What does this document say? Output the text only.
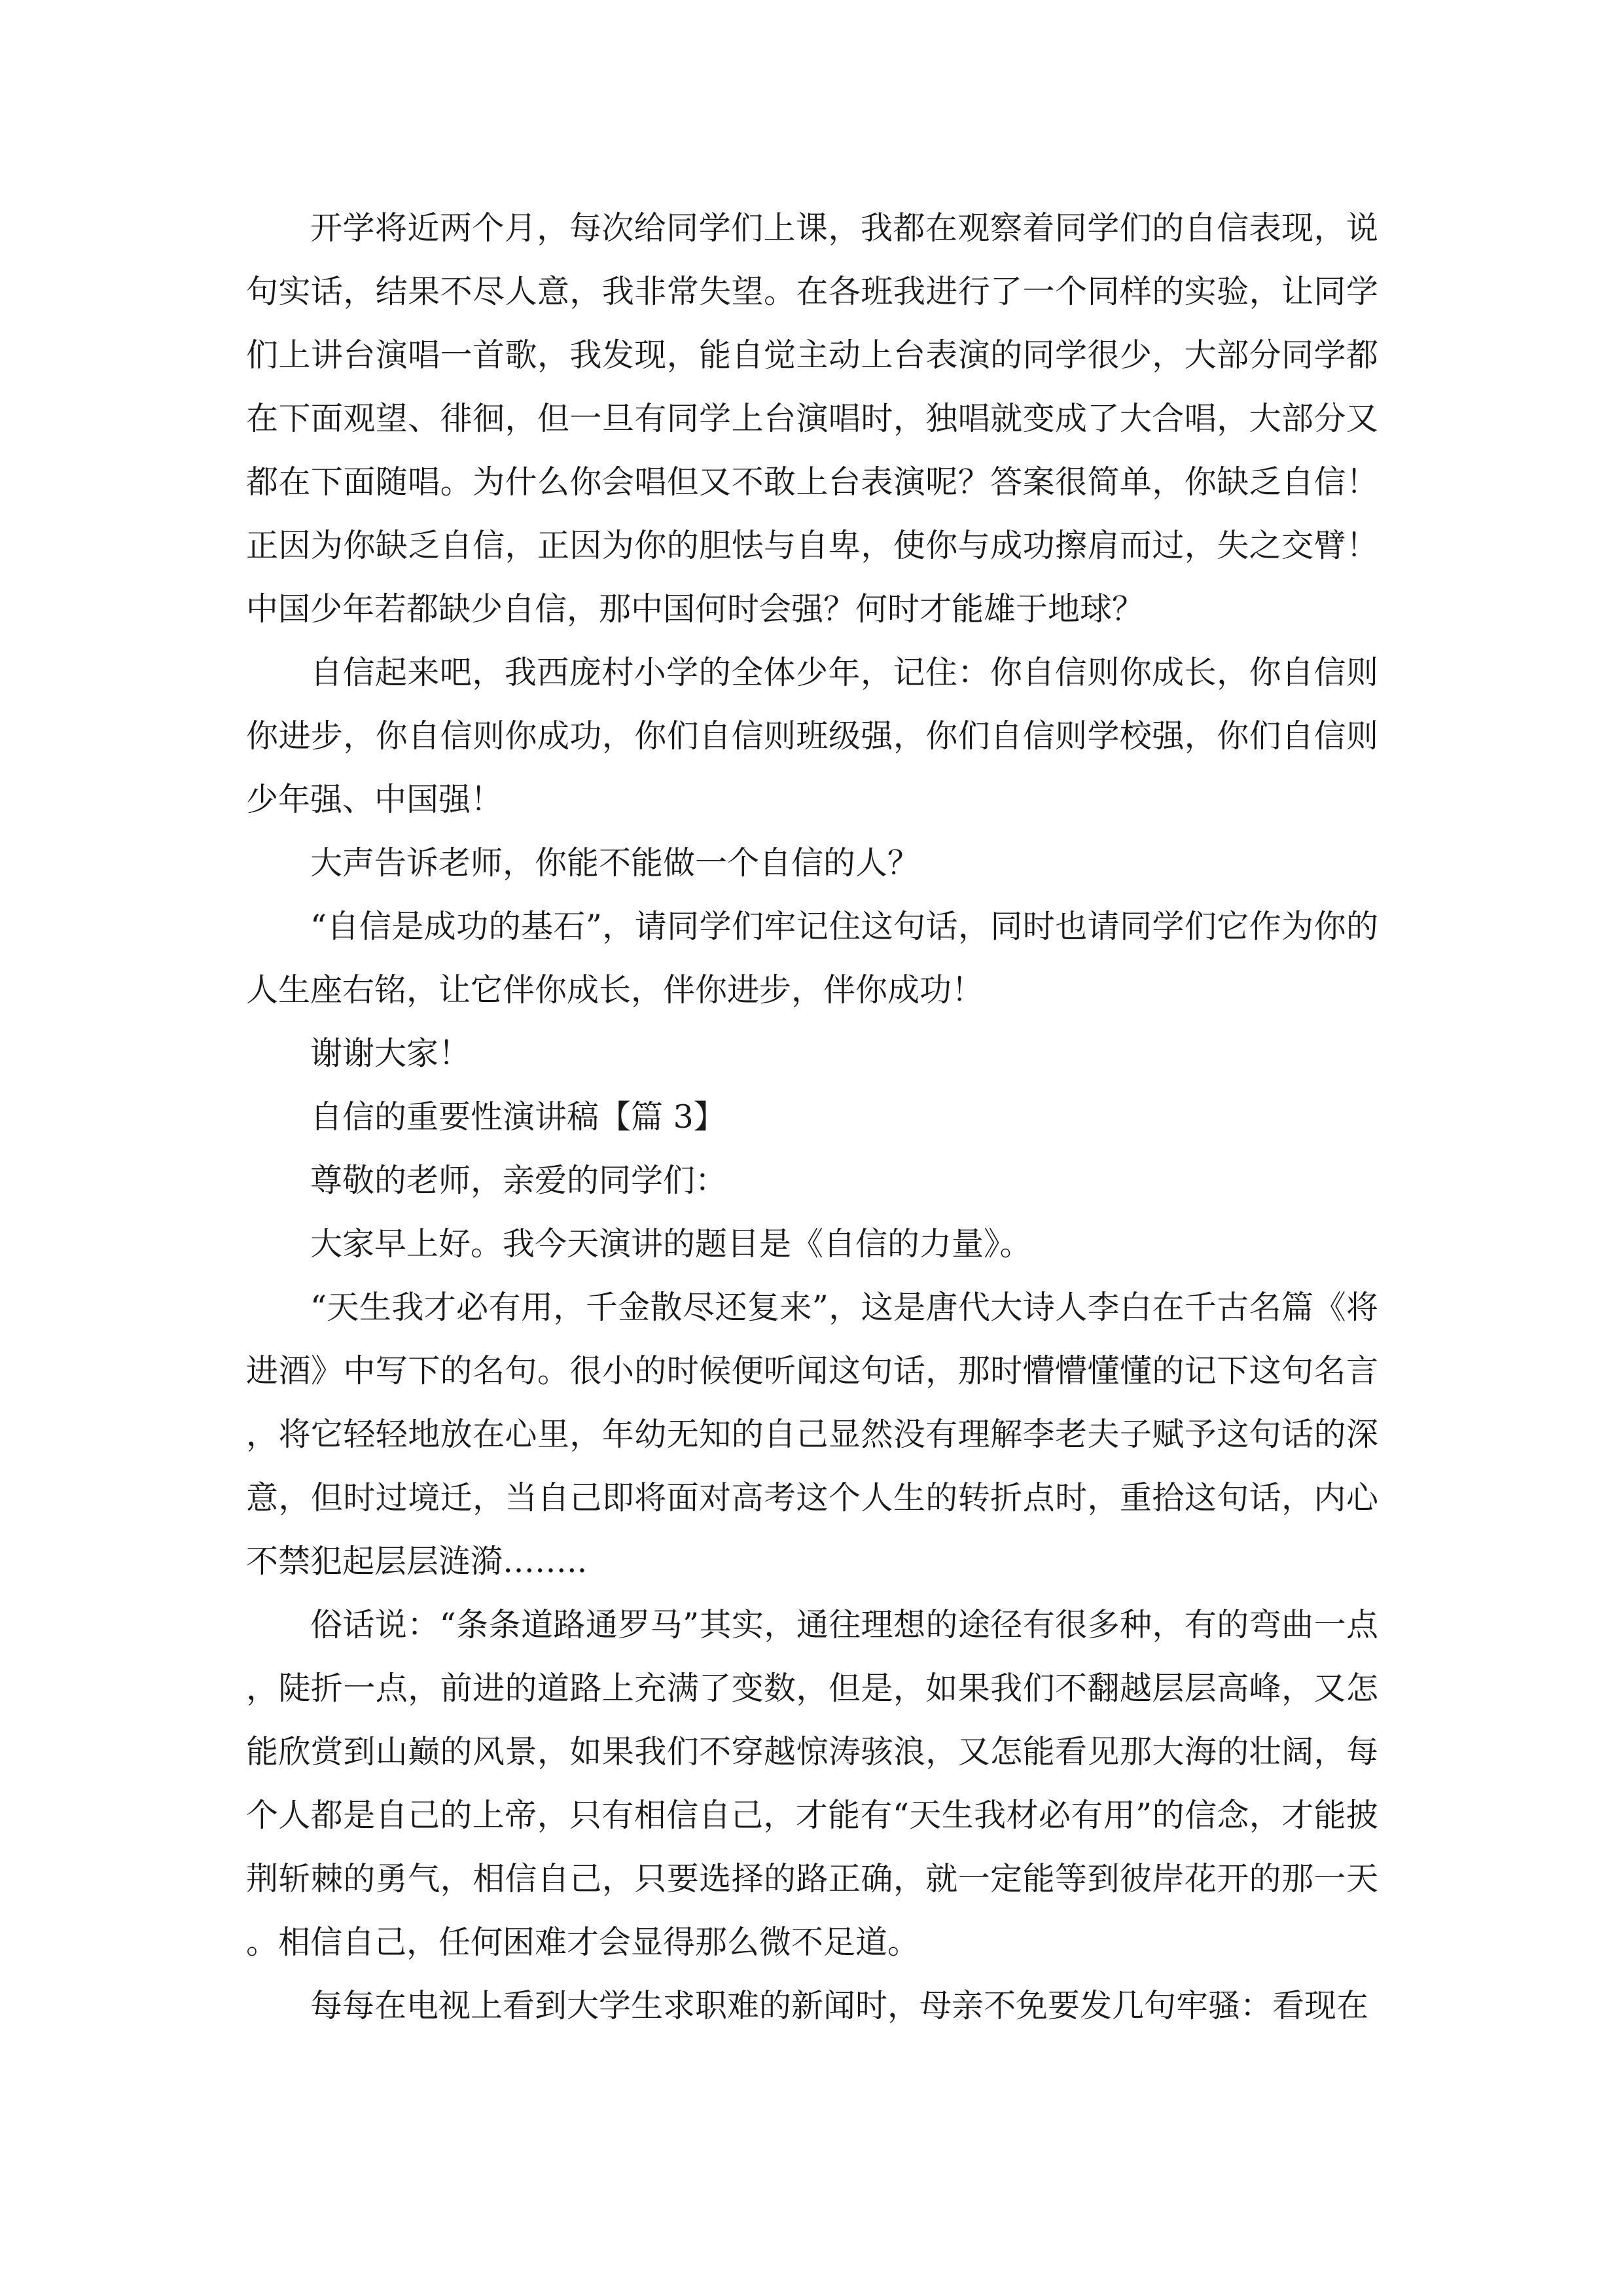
开学将近两个月，每次给同学们上课，我都在观察着同学们的自信表现，说句实话，结果不尽人意，我非常失望。在各班我进行了一个同样的实验，让同学们上讲台演唱一首歌，我发现，能自觉主动上台表演的同学很少，大部分同学都在下面观望、徘徊，但一旦有同学上台演唱时，独唱就变成了大合唱，大部分又都在下面随唱。为什么你会唱但又不敢上台表演呢？答案很简单，你缺乏自信！正因为你缺乏自信，正因为你的胆怯与自卑，使你与成功擦肩而过，失之交臂！中国少年若都缺少自信，那中国何时会强？何时才能雄于地球？

自信起来吧，我西庞村小学的全体少年，记住：你自信则你成长，你自信则你进步，你自信则你成功，你们自信则班级强，你们自信则学校强，你们自信则少年强、中国强！

大声告诉老师，你能不能做一个自信的人？

“自信是成功的基石”，请同学们牢记住这句话，同时也请同学们它作为你的人生座右铭，让它伴你成长，伴你进步，伴你成功！

谢谢大家！

自信的重要性演讲稿【篇 3】

尊敬的老师，亲爱的同学们：

大家早上好。我今天演讲的题目是《自信的力量》。

“天生我才必有用，千金散尽还复来”，这是唐代大诗人李白在千古名篇《将进酒》中写下的名句。很小的时候便听闻这句话，那时懵懵懂懂的记下这句名言，将它轻轻地放在心里，年幼无知的自己显然没有理解李老夫子赋予这句话的深意，但时过境迁，当自己即将面对高考这个人生的转折点时，重拾这句话，内心不禁犯起层层涟漪……..

俗话说：“条条道路通罗马”其实，通往理想的途径有很多种，有的弯曲一点，陡折一点，前进的道路上充满了变数，但是，如果我们不翻越层层高峰，又怎能欣赏到山巅的风景，如果我们不穿越惊涛骇浪，又怎能看见那大海的壮阔，每个人都是自己的上帝，只有相信自己，才能有“天生我材必有用”的信念，才能披荆斩棘的勇气，相信自己，只要选择的路正确，就一定能等到彼岸花开的那一天。相信自己，任何困难才会显得那么微不足道。

每每在电视上看到大学生求职难的新闻时，母亲不免要发几句牢骚：看现在
